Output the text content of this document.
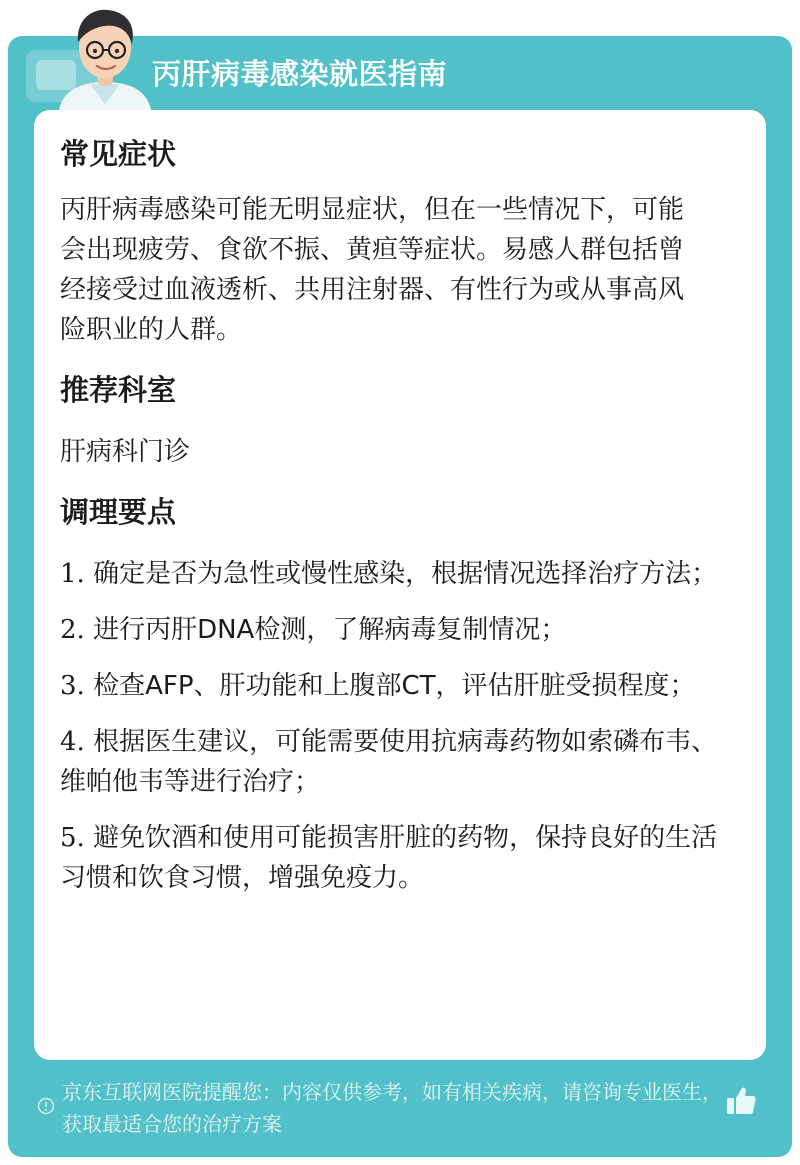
丙肝病毒感染就医指南

常见症状

丙肝病毒感染可能无明显症状，但在一些情况下，可能会出现疲劳、食欲不振、黄疸等症状。易感人群包括曾经接受过血液透析、共用注射器、有性行为或从事高风险职业的人群。

推荐科室

肝病科门诊

调理要点

1. 确定是否为急性或慢性感染，根据情况选择治疗方法；

2. 进行丙肝DNA检测，了解病毒复制情况；

3. 检查AFP、肝功能和上腹部CT，评估肝脏受损程度；

4. 根据医生建议，可能需要使用抗病毒药物如索磷布韦、维帕他韦等进行治疗；

5. 避免饮酒和使用可能损害肝脏的药物，保持良好的生活习惯和饮食习惯，增强免疫力。

京东互联网医院提醒您：内容仅供参考，如有相关疾病，请咨询专业医生，获取最适合您的治疗方案
